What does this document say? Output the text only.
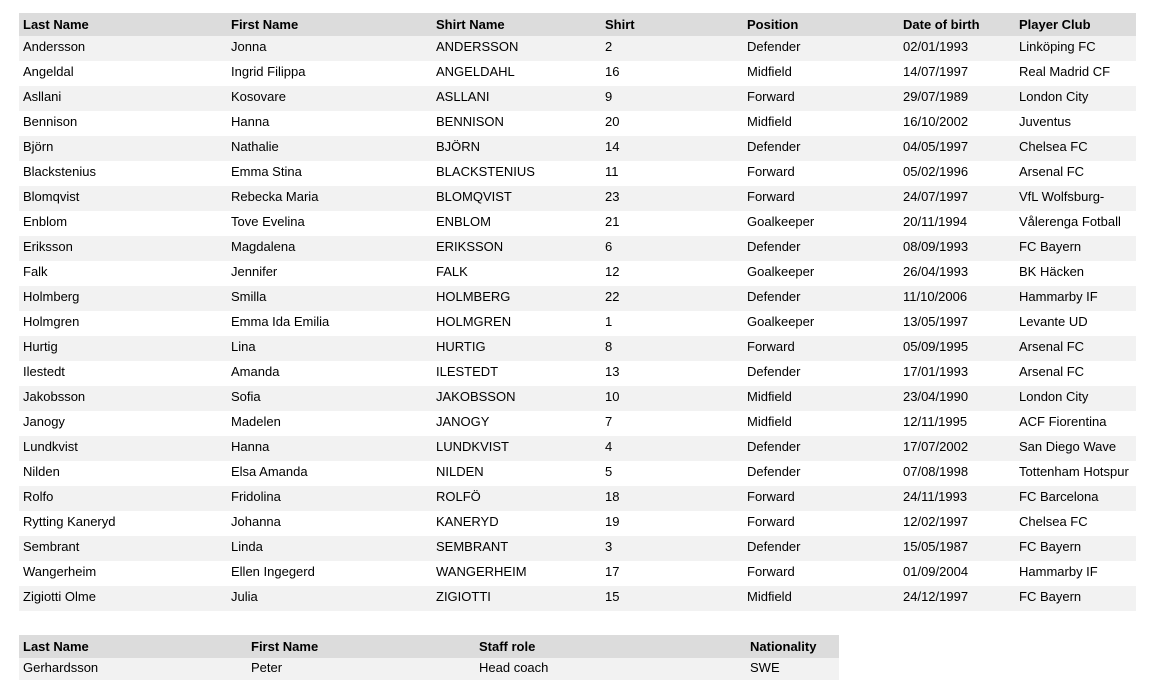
Last Name	First Name	Shirt Name	Shirt	Position	Date of birth	Player Club
Andersson	Jonna	ANDERSSON	2	Defender	02/01/1993	Linköping FC

Angeldal	Ingrid Filippa	ANGELDAHL	16	Midfield	14/07/1997	Real Madrid CF

Asllani	Kosovare	ASLLANI	9	Forward	29/07/1989	London City

Bennison	Hanna	BENNISON	20	Midfield	16/10/2002	Juventus

Björn	Nathalie	BJÖRN	14	Defender	04/05/1997	Chelsea FC

Blackstenius	Emma Stina	BLACKSTENIUS	11	Forward	05/02/1996	Arsenal FC

Blomqvist	Rebecka Maria	BLOMQVIST	23	Forward	24/07/1997	VfL Wolfsburg-

Enblom	Tove Evelina	ENBLOM	21	Goalkeeper	20/11/1994	Vålerenga Fotball

Eriksson	Magdalena	ERIKSSON	6	Defender	08/09/1993	FC Bayern

Falk	Jennifer	FALK	12	Goalkeeper	26/04/1993	BK Häcken

Holmberg	Smilla	HOLMBERG	22	Defender	11/10/2006	Hammarby IF

Holmgren	Emma Ida Emilia	HOLMGREN	1	Goalkeeper	13/05/1997	Levante UD

Hurtig	Lina	HURTIG	8	Forward	05/09/1995	Arsenal FC

Ilestedt	Amanda	ILESTEDT	13	Defender	17/01/1993	Arsenal FC

Jakobsson	Sofia	JAKOBSSON	10	Midfield	23/04/1990	London City

Janogy	Madelen	JANOGY	7	Midfield	12/11/1995	ACF Fiorentina

Lundkvist	Hanna	LUNDKVIST	4	Defender	17/07/2002	San Diego Wave

Nilden	Elsa Amanda	NILDEN	5	Defender	07/08/1998	Tottenham Hotspur

Rolfo	Fridolina	ROLFÖ	18	Forward	24/11/1993	FC Barcelona

Rytting Kaneryd	Johanna	KANERYD	19	Forward	12/02/1997	Chelsea FC

Sembrant	Linda	SEMBRANT	3	Defender	15/05/1987	FC Bayern

Wangerheim	Ellen Ingegerd	WANGERHEIM	17	Forward	01/09/2004	Hammarby IF

Zigiotti Olme	Julia	ZIGIOTTI	15	Midfield	24/12/1997	FC Bayern
Last Name	First Name	Staff role	Nationality
Gerhardsson	Peter	Head coach	SWE
